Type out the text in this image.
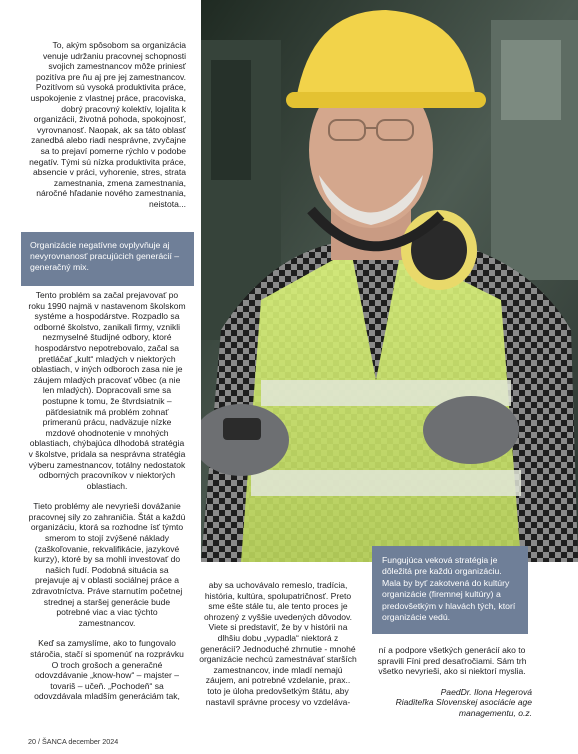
To, akým spôsobom sa organizácia venuje udržaniu pracovnej schopnosti svojich zamestnancov môže priniesť pozitíva pre ňu aj pre jej zamestnancov. Pozitívom sú vysoká produktivita práce, uspokojenie z vlastnej práce, pracoviska, dobrý pracovný kolektív, lojalita k organizácii, životná pohoda, spokojnosť, vyrovnanosť. Naopak, ak sa táto oblasť zanedbá alebo riadi nesprávne, zvyčajne sa to prejaví pomerne rýchlo v podobe negatív. Tými sú nízka produktivita práce, absencie v práci, vyhorenie, stres, strata zamestnania, zmena zamestnania, náročné hľadanie nového zamestnania, neistota...

Organizácie negatívne ovplyvňuje aj nevyrovnanosť pracujúcich generácií – generačný mix.

Tento problém sa začal prejavovať po roku 1990 najmä v nastavenom školskom systéme a hospodárstve. Rozpadlo sa odborné školstvo, zanikali firmy, vznikli nezmyselné študijné odbory, ktoré hospodárstvo nepotrebovalo, začal sa pretláčať „kult“ mladých v niektorých oblastiach, v iných odboroch zasa nie je záujem mladých pracovať vôbec (a nie len mladých). Dopracovali sme sa postupne k tomu, že štvrdsiatnik – päťdesiatnik má problém zohnať primeranú prácu, nadväzuje nízke mzdové ohodnotenie v mnohých oblastiach, chýbajúca dlhodobá stratégia v školstve, pridala sa nesprávna stratégia výberu zamestnancov, totálny nedostatok odborných pracovníkov v niektorých oblastiach.

Tieto problémy ale nevyrieši dovážanie pracovnej sily zo zahraničia. Štát a každú organizáciu, ktorá sa rozhodne ísť týmto smerom to stojí zvýšené náklady (zaškoľovanie, rekvalifikácie, jazykové kurzy), ktoré by sa mohli investovať do našich ľudí. Podobná situácia sa prejavuje aj v oblasti sociálnej práce a zdravotníctva. Práve starnutím početnej strednej a staršej generácie bude potrebné viac a viac týchto zamestnancov.

Keď sa zamyslíme, ako to fungovalo stáročia, stačí si spomenúť na rozprávku O troch grošoch a generačné odovzdávanie „know-how“ – majster – tovariš – učeň. „Pochodeň“ sa odovzdávala mladším generáciám tak,

Fungujúca veková stratégia je dôležitá pre každú organizáciu. Mala by byť zakotvená do kultúry organizácie (firemnej kultúry) a predovšetkým v hlavách tých, ktorí organizácie vedú.

aby sa uchovávalo remeslo, tradícia, história, kultúra, spolupatričnosť. Preto sme ešte stále tu, ale tento proces je ohrozený z vyššie uvedených dôvodov. Viete si predstaviť, že by v histórii na dlhšiu dobu „vypadla“ niektorá z generácií? Jednoduché zhrnutie - mnohé organizácie nechcú zamestnávať starších zamestnancov, inde mladí nemajú záujem, ani potrebné vzdelanie, prax.. toto je úloha predovšetkým štátu, aby nastavil správne procesy vo vzdeláva-

ní a podpore všetkých generácií ako to spravili Fíni pred desaťročiami. Sám trh všetko nevyrieši, ako si niektorí myslia.

PaedDr. Ilona Hegerová
Riaditeľka Slovenskej asociácie age managementu, o.z.
20 / ŠANCA december 2024
